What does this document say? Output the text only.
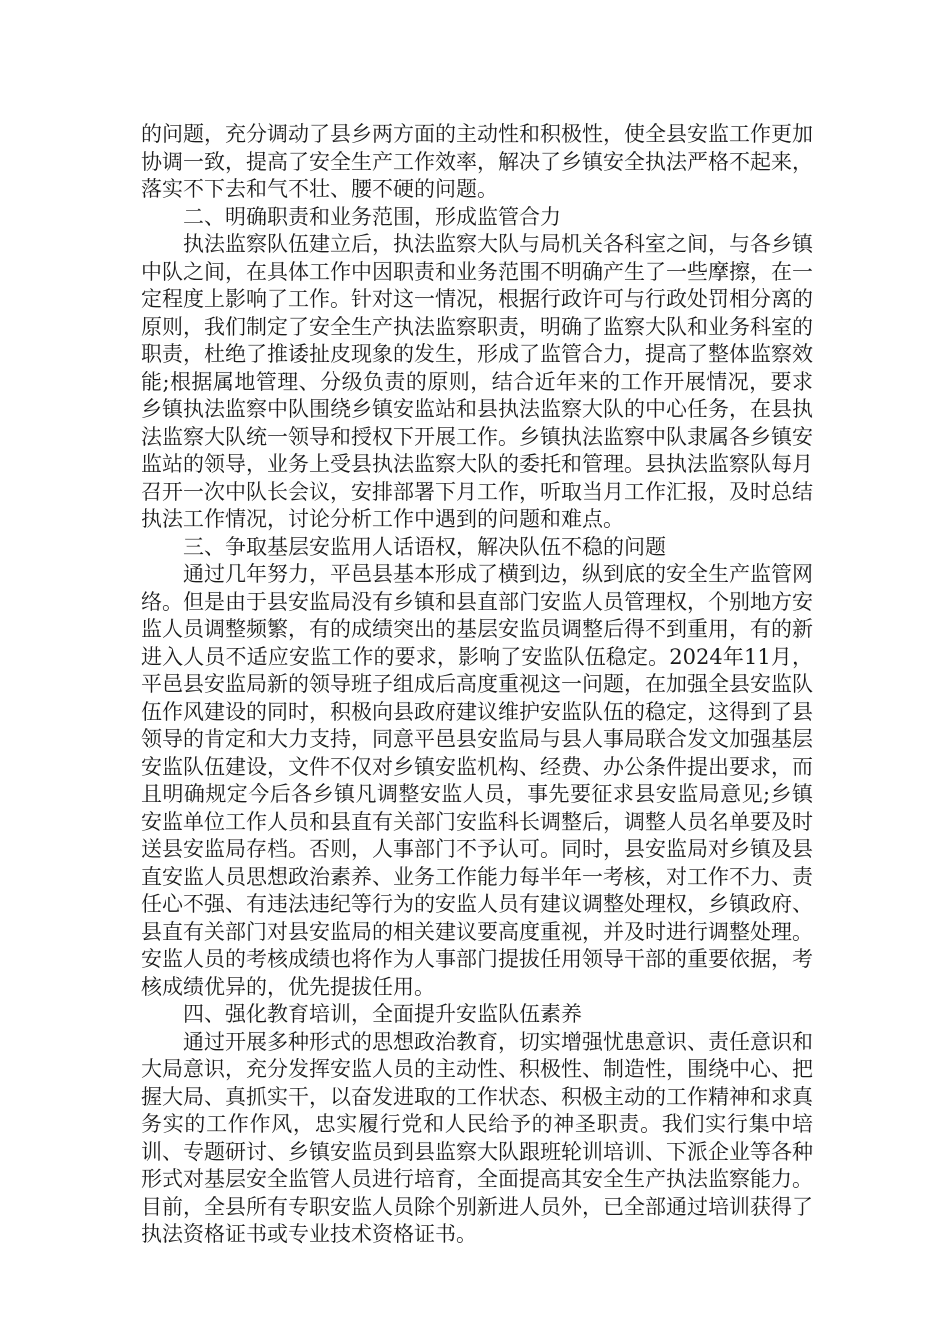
的问题，充分调动了县乡两方面的主动性和积极性，使全县安监工作更加协调一致，提高了安全生产工作效率，解决了乡镇安全执法严格不起来，落实不下去和气不壮、腰不硬的问题。

二、明确职责和业务范围，形成监管合力

执法监察队伍建立后，执法监察大队与局机关各科室之间，与各乡镇中队之间，在具体工作中因职责和业务范围不明确产生了一些摩擦，在一定程度上影响了工作。针对这一情况，根据行政许可与行政处罚相分离的原则，我们制定了安全生产执法监察职责，明确了监察大队和业务科室的职责，杜绝了推诿扯皮现象的发生，形成了监管合力，提高了整体监察效能;根据属地管理、分级负责的原则，结合近年来的工作开展情况，要求乡镇执法监察中队围绕乡镇安监站和县执法监察大队的中心任务，在县执法监察大队统一领导和授权下开展工作。乡镇执法监察中队隶属各乡镇安监站的领导，业务上受县执法监察大队的委托和管理。县执法监察队每月召开一次中队长会议，安排部署下月工作，听取当月工作汇报，及时总结执法工作情况，讨论分析工作中遇到的问题和难点。

三、争取基层安监用人话语权，解决队伍不稳的问题

通过几年努力，平邑县基本形成了横到边，纵到底的安全生产监管网络。但是由于县安监局没有乡镇和县直部门安监人员管理权，个别地方安监人员调整频繁，有的成绩突出的基层安监员调整后得不到重用，有的新进入人员不适应安监工作的要求，影响了安监队伍稳定。2024年11月，平邑县安监局新的领导班子组成后高度重视这一问题，在加强全县安监队伍作风建设的同时，积极向县政府建议维护安监队伍的稳定，这得到了县领导的肯定和大力支持，同意平邑县安监局与县人事局联合发文加强基层安监队伍建设，文件不仅对乡镇安监机构、经费、办公条件提出要求，而且明确规定今后各乡镇凡调整安监人员，事先要征求县安监局意见;乡镇安监单位工作人员和县直有关部门安监科长调整后，调整人员名单要及时送县安监局存档。否则，人事部门不予认可。同时，县安监局对乡镇及县直安监人员思想政治素养、业务工作能力每半年一考核，对工作不力、责任心不强、有违法违纪等行为的安监人员有建议调整处理权，乡镇政府、县直有关部门对县安监局的相关建议要高度重视，并及时进行调整处理。安监人员的考核成绩也将作为人事部门提拔任用领导干部的重要依据，考核成绩优异的，优先提拔任用。

四、强化教育培训，全面提升安监队伍素养

通过开展多种形式的思想政治教育，切实增强忧患意识、责任意识和大局意识，充分发挥安监人员的主动性、积极性、制造性，围绕中心、把握大局、真抓实干，以奋发进取的工作状态、积极主动的工作精神和求真务实的工作作风，忠实履行党和人民给予的神圣职责。我们实行集中培训、专题研讨、乡镇安监员到县监察大队跟班轮训培训、下派企业等各种形式对基层安全监管人员进行培育，全面提高其安全生产执法监察能力。目前，全县所有专职安监人员除个别新进人员外，已全部通过培训获得了执法资格证书或专业技术资格证书。
